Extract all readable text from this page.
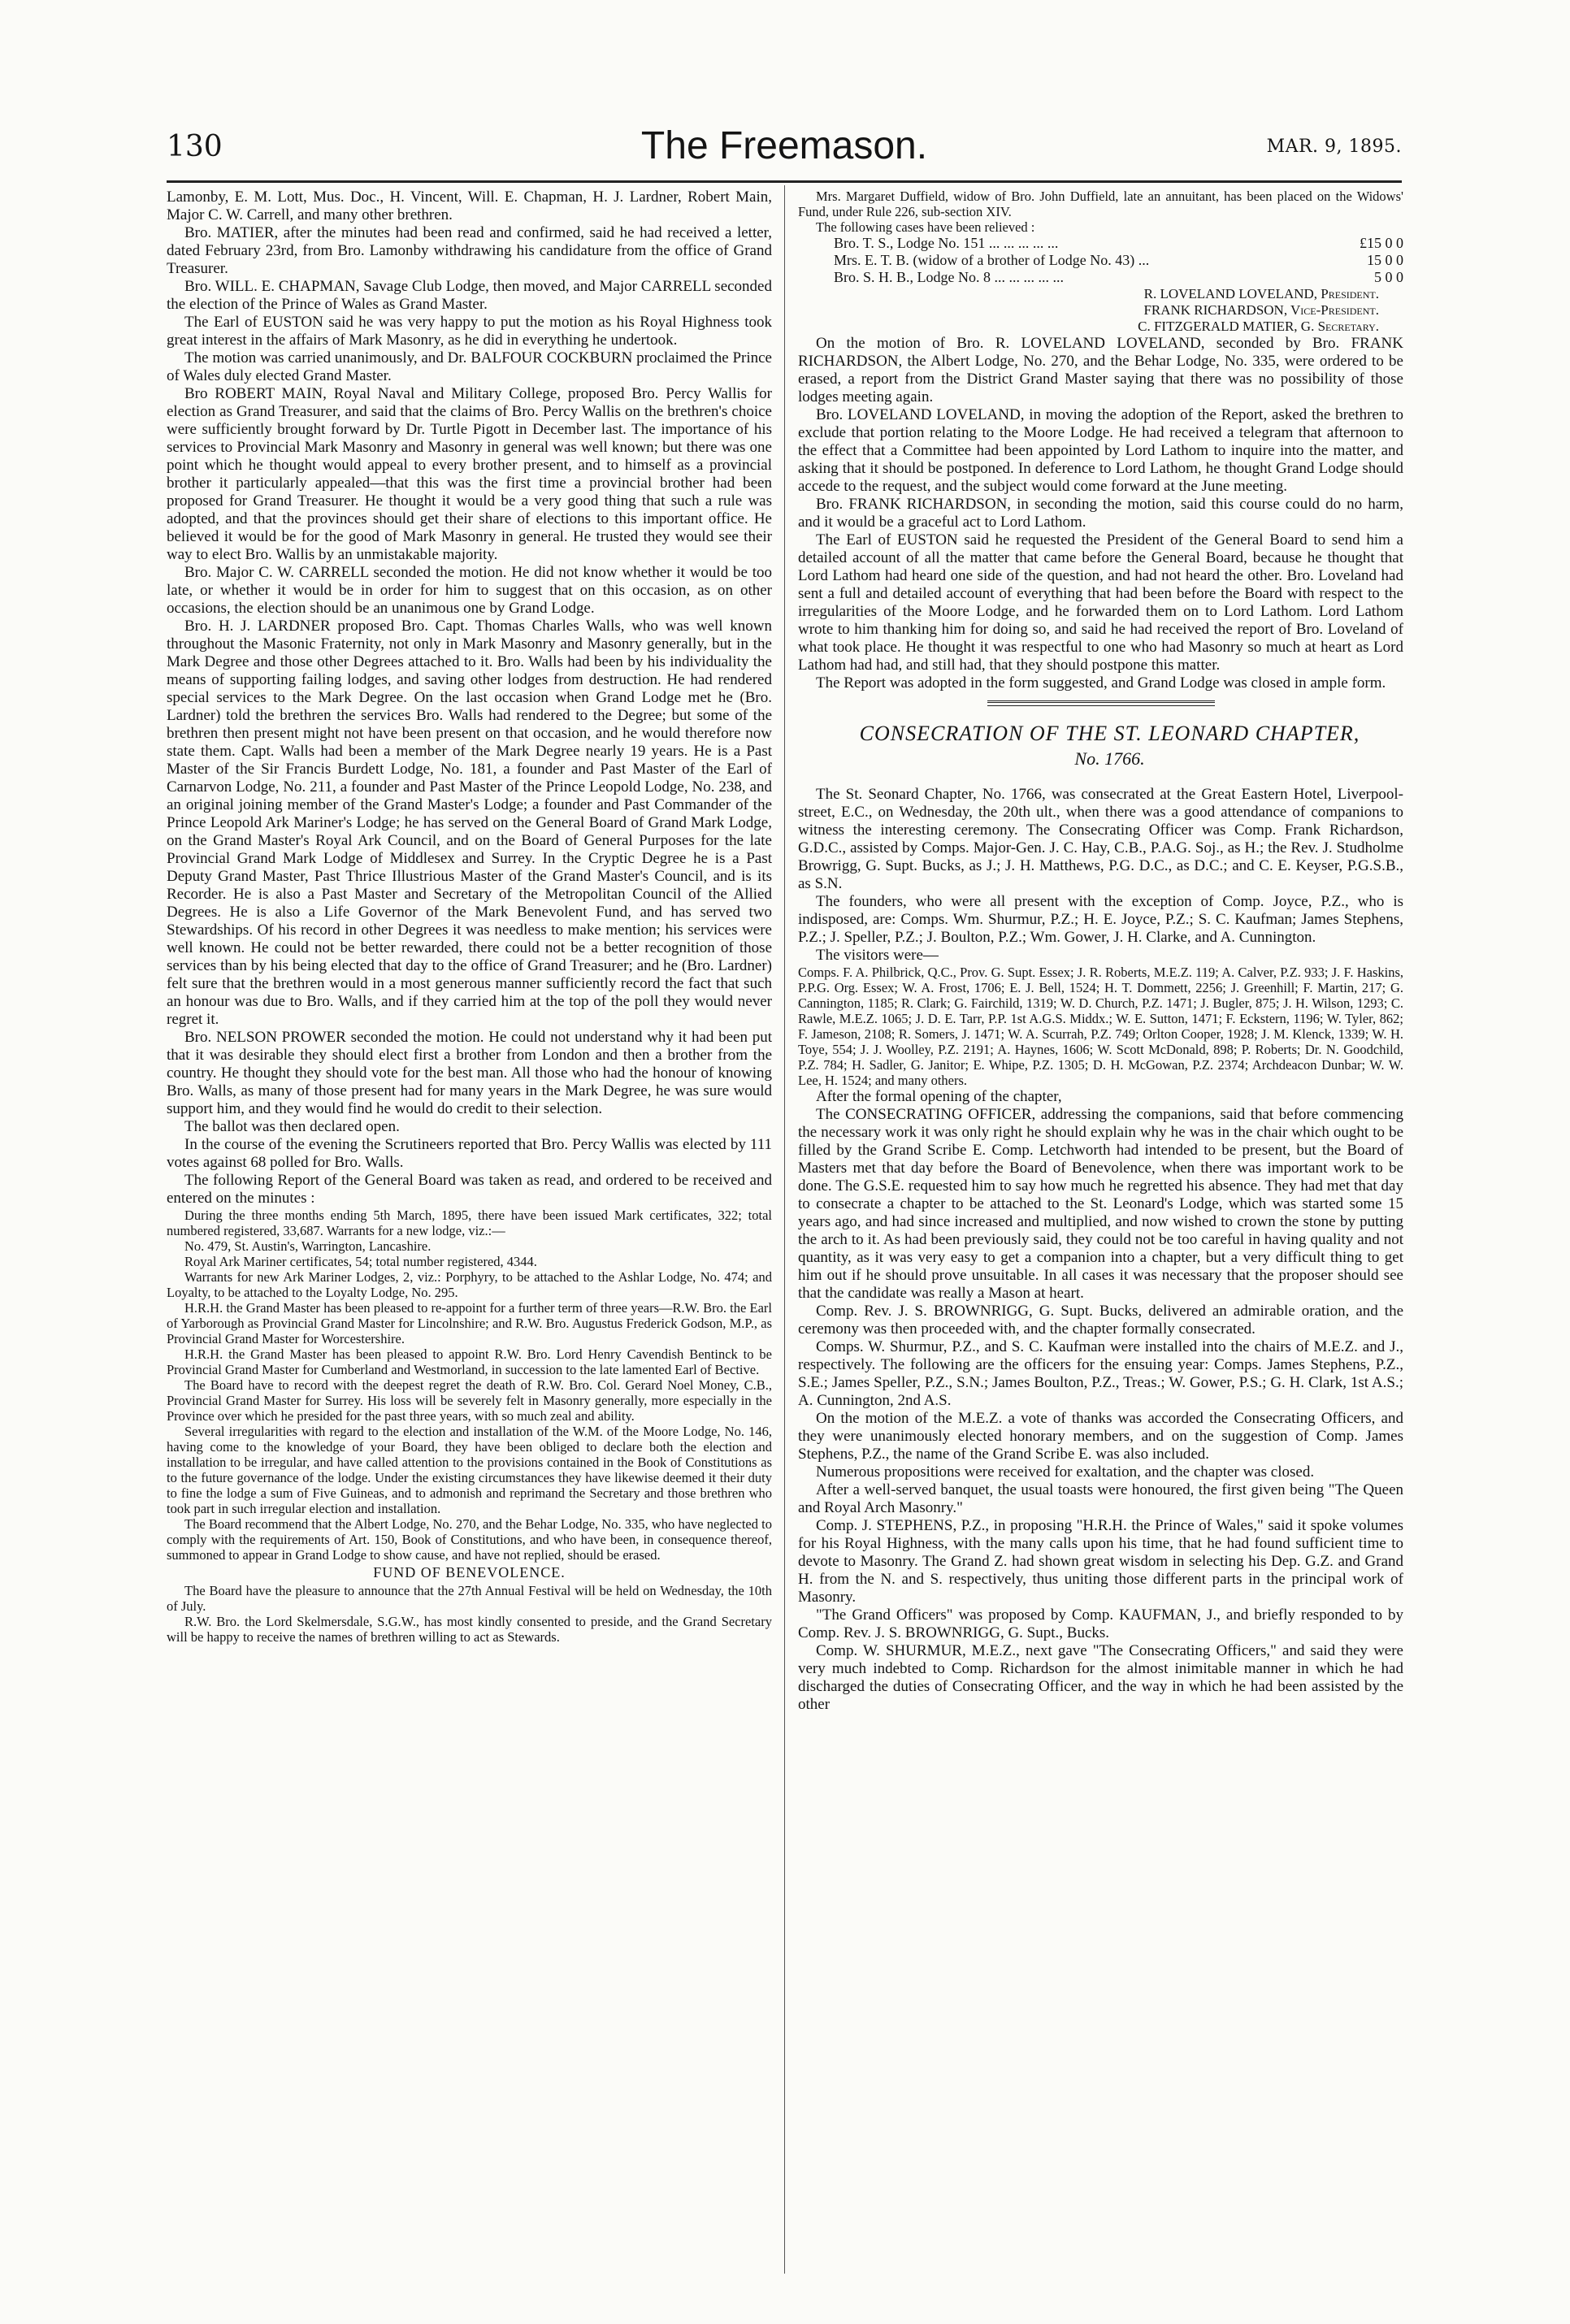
130	The Freemason.	MAR. 9, 1895.

Lamonby, E. M. Lott, Mus. Doc., H. Vincent, Will. E. Chapman, H. J. Lardner, Robert Main, Major C. W. Carrell, and many other brethren.

Bro. MATIER, after the minutes had been read and confirmed, said he had received a letter, dated February 23rd, from Bro. Lamonby withdrawing his candidature from the office of Grand Treasurer.

Bro. WILL. E. CHAPMAN, Savage Club Lodge, then moved, and Major CARRELL seconded the election of the Prince of Wales as Grand Master.

The Earl of EUSTON said he was very happy to put the motion as his Royal Highness took great interest in the affairs of Mark Masonry, as he did in everything he undertook.

The motion was carried unanimously, and Dr. BALFOUR COCKBURN proclaimed the Prince of Wales duly elected Grand Master.

Bro ROBERT MAIN, Royal Naval and Military College, proposed Bro. Percy Wallis for election as Grand Treasurer, and said that the claims of Bro. Percy Wallis on the brethren's choice were sufficiently brought forward by Dr. Turtle Pigott in December last. The importance of his services to Provincial Mark Masonry and Masonry in general was well known; but there was one point which he thought would appeal to every brother present, and to himself as a provincial brother it particularly appealed—that this was the first time a provincial brother had been proposed for Grand Treasurer. He thought it would be a very good thing that such a rule was adopted, and that the provinces should get their share of elections to this important office. He believed it would be for the good of Mark Masonry in general. He trusted they would see their way to elect Bro. Wallis by an unmistakable majority.

Bro. Major C. W. CARRELL seconded the motion. He did not know whether it would be too late, or whether it would be in order for him to suggest that on this occasion, as on other occasions, the election should be an unanimous one by Grand Lodge.

Bro. H. J. LARDNER proposed Bro. Capt. Thomas Charles Walls, who was well known throughout the Masonic Fraternity, not only in Mark Masonry and Masonry generally, but in the Mark Degree and those other Degrees attached to it. Bro. Walls had been by his individuality the means of supporting failing lodges, and saving other lodges from destruction. He had rendered special services to the Mark Degree. On the last occasion when Grand Lodge met he (Bro. Lardner) told the brethren the services Bro. Walls had rendered to the Degree; but some of the brethren then present might not have been present on that occasion, and he would therefore now state them. Capt. Walls had been a member of the Mark Degree nearly 19 years. He is a Past Master of the Sir Francis Burdett Lodge, No. 181, a founder and Past Master of the Earl of Carnarvon Lodge, No. 211, a founder and Past Master of the Prince Leopold Lodge, No. 238, and an original joining member of the Grand Master's Lodge; a founder and Past Commander of the Prince Leopold Ark Mariner's Lodge; he has served on the General Board of Grand Mark Lodge, on the Grand Master's Royal Ark Council, and on the Board of General Purposes for the late Provincial Grand Mark Lodge of Middlesex and Surrey. In the Cryptic Degree he is a Past Deputy Grand Master, Past Thrice Illustrious Master of the Grand Master's Council, and is its Recorder. He is also a Past Master and Secretary of the Metropolitan Council of the Allied Degrees. He is also a Life Governor of the Mark Benevolent Fund, and has served two Stewardships. Of his record in other Degrees it was needless to make mention; his services were well known. He could not be better rewarded, there could not be a better recognition of those services than by his being elected that day to the office of Grand Treasurer; and he (Bro. Lardner) felt sure that the brethren would in a most generous manner sufficiently record the fact that such an honour was due to Bro. Walls, and if they carried him at the top of the poll they would never regret it.

Bro. NELSON PROWER seconded the motion. He could not understand why it had been put that it was desirable they should elect first a brother from London and then a brother from the country. He thought they should vote for the best man. All those who had the honour of knowing Bro. Walls, as many of those present had for many years in the Mark Degree, he was sure would support him, and they would find he would do credit to their selection.

The ballot was then declared open.

In the course of the evening the Scrutineers reported that Bro. Percy Wallis was elected by 111 votes against 68 polled for Bro. Walls.

The following Report of the General Board was taken as read, and ordered to be received and entered on the minutes :

During the three months ending 5th March, 1895, there have been issued Mark certificates, 322; total numbered registered, 33,687. Warrants for a new lodge, viz.:—

No. 479, St. Austin's, Warrington, Lancashire.

Royal Ark Mariner certificates, 54; total number registered, 4344.

Warrants for new Ark Mariner Lodges, 2, viz.: Porphyry, to be attached to the Ashlar Lodge, No. 474; and Loyalty, to be attached to the Loyalty Lodge, No. 295.

H.R.H. the Grand Master has been pleased to re-appoint for a further term of three years—R.W. Bro. the Earl of Yarborough as Provincial Grand Master for Lincolnshire; and R.W. Bro. Augustus Frederick Godson, M.P., as Provincial Grand Master for Worcestershire.

H.R.H. the Grand Master has been pleased to appoint R.W. Bro. Lord Henry Cavendish Bentinck to be Provincial Grand Master for Cumberland and Westmorland, in succession to the late lamented Earl of Bective.

The Board have to record with the deepest regret the death of R.W. Bro. Col. Gerard Noel Money, C.B., Provincial Grand Master for Surrey. His loss will be severely felt in Masonry generally, more especially in the Province over which he presided for the past three years, with so much zeal and ability.

Several irregularities with regard to the election and installation of the W.M. of the Moore Lodge, No. 146, having come to the knowledge of your Board, they have been obliged to declare both the election and installation to be irregular, and have called attention to the provisions contained in the Book of Constitutions as to the future governance of the lodge. Under the existing circumstances they have likewise deemed it their duty to fine the lodge a sum of Five Guineas, and to admonish and reprimand the Secretary and those brethren who took part in such irregular election and installation.

The Board recommend that the Albert Lodge, No. 270, and the Behar Lodge, No. 335, who have neglected to comply with the requirements of Art. 150, Book of Constitutions, and who have been, in consequence thereof, summoned to appear in Grand Lodge to show cause, and have not replied, should be erased.

FUND OF BENEVOLENCE.

The Board have the pleasure to announce that the 27th Annual Festival will be held on Wednesday, the 10th of July.

R.W. Bro. the Lord Skelmersdale, S.G.W., has most kindly consented to preside, and the Grand Secretary will be happy to receive the names of brethren willing to act as Stewards.

Mrs. Margaret Duffield, widow of Bro. John Duffield, late an annuitant, has been placed on the Widows' Fund, under Rule 226, sub-section XIV.

The following cases have been relieved :

Bro. T. S., Lodge No. 151 ... ... ... ... ...	£15 0 0
Mrs. E. T. B. (widow of a brother of Lodge No. 43) ...	15 0 0
Bro. S. H. B., Lodge No. 8 ... ... ... ... ...	5 0 0

R. LOVELAND LOVELAND, President.

FRANK RICHARDSON, Vice-President.

C. FITZGERALD MATIER, G. Secretary.

On the motion of Bro. R. LOVELAND LOVELAND, seconded by Bro. FRANK RICHARDSON, the Albert Lodge, No. 270, and the Behar Lodge, No. 335, were ordered to be erased, a report from the District Grand Master saying that there was no possibility of those lodges meeting again.

Bro. LOVELAND LOVELAND, in moving the adoption of the Report, asked the brethren to exclude that portion relating to the Moore Lodge. He had received a telegram that afternoon to the effect that a Committee had been appointed by Lord Lathom to inquire into the matter, and asking that it should be postponed. In deference to Lord Lathom, he thought Grand Lodge should accede to the request, and the subject would come forward at the June meeting.

Bro. FRANK RICHARDSON, in seconding the motion, said this course could do no harm, and it would be a graceful act to Lord Lathom.

The Earl of EUSTON said he requested the President of the General Board to send him a detailed account of all the matter that came before the General Board, because he thought that Lord Lathom had heard one side of the question, and had not heard the other. Bro. Loveland had sent a full and detailed account of everything that had been before the Board with respect to the irregularities of the Moore Lodge, and he forwarded them on to Lord Lathom. Lord Lathom wrote to him thanking him for doing so, and said he had received the report of Bro. Loveland of what took place. He thought it was respectful to one who had Masonry so much at heart as Lord Lathom had had, and still had, that they should postpone this matter.

The Report was adopted in the form suggested, and Grand Lodge was closed in ample form.

CONSECRATION OF THE ST. LEONARD CHAPTER,

No. 1766.

The St. Seonard Chapter, No. 1766, was consecrated at the Great Eastern Hotel, Liverpool-street, E.C., on Wednesday, the 20th ult., when there was a good attendance of companions to witness the interesting ceremony. The Consecrating Officer was Comp. Frank Richardson, G.D.C., assisted by Comps. Major-Gen. J. C. Hay, C.B., P.A.G. Soj., as H.; the Rev. J. Studholme Browrigg, G. Supt. Bucks, as J.; J. H. Matthews, P.G. D.C., as D.C.; and C. E. Keyser, P.G.S.B., as S.N.

The founders, who were all present with the exception of Comp. Joyce, P.Z., who is indisposed, are: Comps. Wm. Shurmur, P.Z.; H. E. Joyce, P.Z.; S. C. Kaufman; James Stephens, P.Z.; J. Speller, P.Z.; J. Boulton, P.Z.; Wm. Gower, J. H. Clarke, and A. Cunnington.

The visitors were—

Comps. F. A. Philbrick, Q.C., Prov. G. Supt. Essex; J. R. Roberts, M.E.Z. 119; A. Calver, P.Z. 933; J. F. Haskins, P.P.G. Org. Essex; W. A. Frost, 1706; E. J. Bell, 1524; H. T. Dommett, 2256; J. Greenhill; F. Martin, 217; G. Cannington, 1185; R. Clark; G. Fairchild, 1319; W. D. Church, P.Z. 1471; J. Bugler, 875; J. H. Wilson, 1293; C. Rawle, M.E.Z. 1065; J. D. E. Tarr, P.P. 1st A.G.S. Middx.; W. E. Sutton, 1471; F. Eckstern, 1196; W. Tyler, 862; F. Jameson, 2108; R. Somers, J. 1471; W. A. Scurrah, P.Z. 749; Orlton Cooper, 1928; J. M. Klenck, 1339; W. H. Toye, 554; J. J. Woolley, P.Z. 2191; A. Haynes, 1606; W. Scott McDonald, 898; P. Roberts; Dr. N. Goodchild, P.Z. 784; H. Sadler, G. Janitor; E. Whipe, P.Z. 1305; D. H. McGowan, P.Z. 2374; Archdeacon Dunbar; W. W. Lee, H. 1524; and many others.

After the formal opening of the chapter,

The CONSECRATING OFFICER, addressing the companions, said that before commencing the necessary work it was only right he should explain why he was in the chair which ought to be filled by the Grand Scribe E. Comp. Letchworth had intended to be present, but the Board of Masters met that day before the Board of Benevolence, when there was important work to be done. The G.S.E. requested him to say how much he regretted his absence. They had met that day to consecrate a chapter to be attached to the St. Leonard's Lodge, which was started some 15 years ago, and had since increased and multiplied, and now wished to crown the stone by putting the arch to it. As had been previously said, they could not be too careful in having quality and not quantity, as it was very easy to get a companion into a chapter, but a very difficult thing to get him out if he should prove unsuitable. In all cases it was necessary that the proposer should see that the candidate was really a Mason at heart.

Comp. Rev. J. S. BROWNRIGG, G. Supt. Bucks, delivered an admirable oration, and the ceremony was then proceeded with, and the chapter formally consecrated.

Comps. W. Shurmur, P.Z., and S. C. Kaufman were installed into the chairs of M.E.Z. and J., respectively. The following are the officers for the ensuing year: Comps. James Stephens, P.Z., S.E.; James Speller, P.Z., S.N.; James Boulton, P.Z., Treas.; W. Gower, P.S.; G. H. Clark, 1st A.S.; A. Cunnington, 2nd A.S.

On the motion of the M.E.Z. a vote of thanks was accorded the Consecrating Officers, and they were unanimously elected honorary members, and on the suggestion of Comp. James Stephens, P.Z., the name of the Grand Scribe E. was also included.

Numerous propositions were received for exaltation, and the chapter was closed.

After a well-served banquet, the usual toasts were honoured, the first given being "The Queen and Royal Arch Masonry."

Comp. J. STEPHENS, P.Z., in proposing "H.R.H. the Prince of Wales," said it spoke volumes for his Royal Highness, with the many calls upon his time, that he had found sufficient time to devote to Masonry. The Grand Z. had shown great wisdom in selecting his Dep. G.Z. and Grand H. from the N. and S. respectively, thus uniting those different parts in the principal work of Masonry.

"The Grand Officers" was proposed by Comp. KAUFMAN, J., and briefly responded to by Comp. Rev. J. S. BROWNRIGG, G. Supt., Bucks.

Comp. W. SHURMUR, M.E.Z., next gave "The Consecrating Officers," and said they were very much indebted to Comp. Richardson for the almost inimitable manner in which he had discharged the duties of Consecrating Officer, and the way in which he had been assisted by the other
